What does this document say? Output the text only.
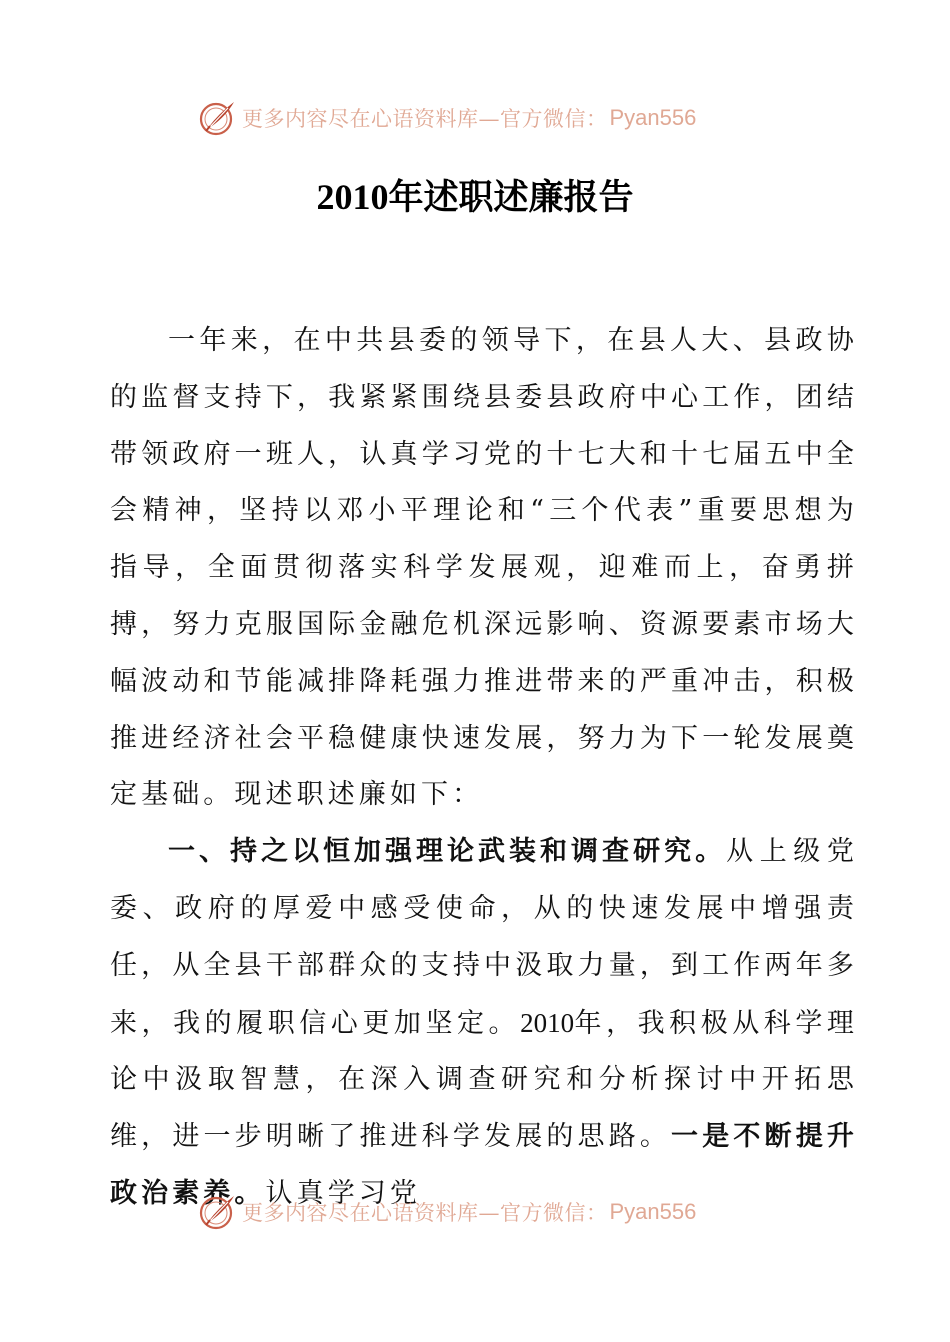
更多内容尽在心语资料库—官方微信： Pyan556
2010年述职述廉报告

一年来，在中共县委的领导下，在县人大、县政协的监督支持下，我紧紧围绕县委县政府中心工作，团结带领政府一班人，认真学习党的十七大和十七届五中全会精神，坚持以邓小平理论和“三个代表”重要思想为指导，全面贯彻落实科学发展观，迎难而上，奋勇拼搏，努力克服国际金融危机深远影响、资源要素市场大幅波动和节能减排降耗强力推进带来的严重冲击，积极推进经济社会平稳健康快速发展，努力为下一轮发展奠定基础。现述职述廉如下：

一、持之以恒加强理论武装和调查研究。从上级党委、政府的厚爱中感受使命，从的快速发展中增强责任，从全县干部群众的支持中汲取力量，到工作两年多来，我的履职信心更加坚定。2010年，我积极从科学理论中汲取智慧，在深入调查研究和分析探讨中开拓思维，进一步明晰了推进科学发展的思路。一是不断提升政治素养。认真学习党

更多内容尽在心语资料库—官方微信： Pyan556
